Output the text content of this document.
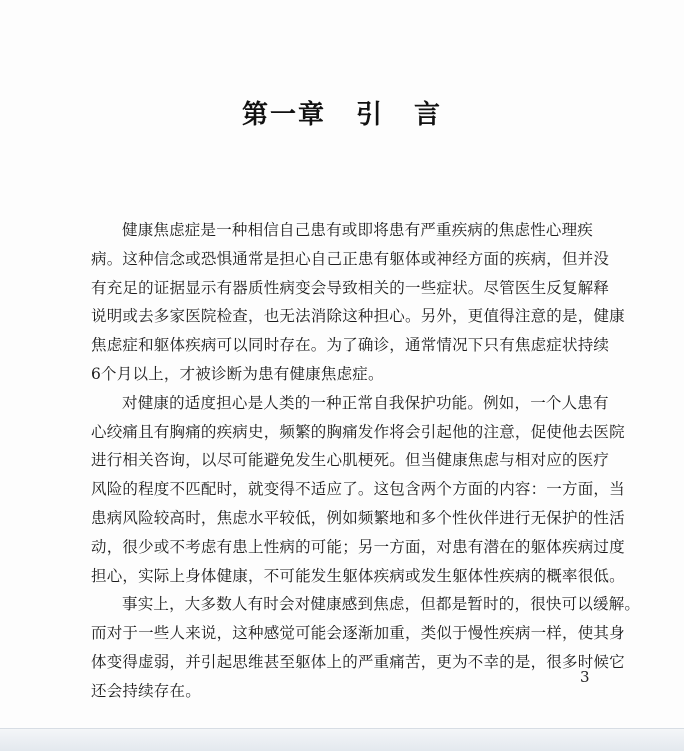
第一章 引 言
健康焦虑症是一种相信自己患有或即将患有严重疾病的焦虑性心理疾
病。这种信念或恐惧通常是担心自己正患有躯体或神经方面的疾病，但并没
有充足的证据显示有器质性病变会导致相关的一些症状。尽管医生反复解释
说明或去多家医院检查，也无法消除这种担心。另外，更值得注意的是，健康
焦虑症和躯体疾病可以同时存在。为了确诊，通常情况下只有焦虑症状持续
6个月以上，才被诊断为患有健康焦虑症。
对健康的适度担心是人类的一种正常自我保护功能。例如，一个人患有
心绞痛且有胸痛的疾病史，频繁的胸痛发作将会引起他的注意，促使他去医院
进行相关咨询，以尽可能避免发生心肌梗死。但当健康焦虑与相对应的医疗
风险的程度不匹配时，就变得不适应了。这包含两个方面的内容：一方面，当
患病风险较高时，焦虑水平较低，例如频繁地和多个性伙伴进行无保护的性活
动，很少或不考虑有患上性病的可能；另一方面，对患有潜在的躯体疾病过度
担心，实际上身体健康，不可能发生躯体疾病或发生躯体性疾病的概率很低。
事实上，大多数人有时会对健康感到焦虑，但都是暂时的，很快可以缓解。
而对于一些人来说，这种感觉可能会逐渐加重，类似于慢性疾病一样，使其身
体变得虚弱，并引起思维甚至躯体上的严重痛苦，更为不幸的是，很多时候它
还会持续存在。
3
